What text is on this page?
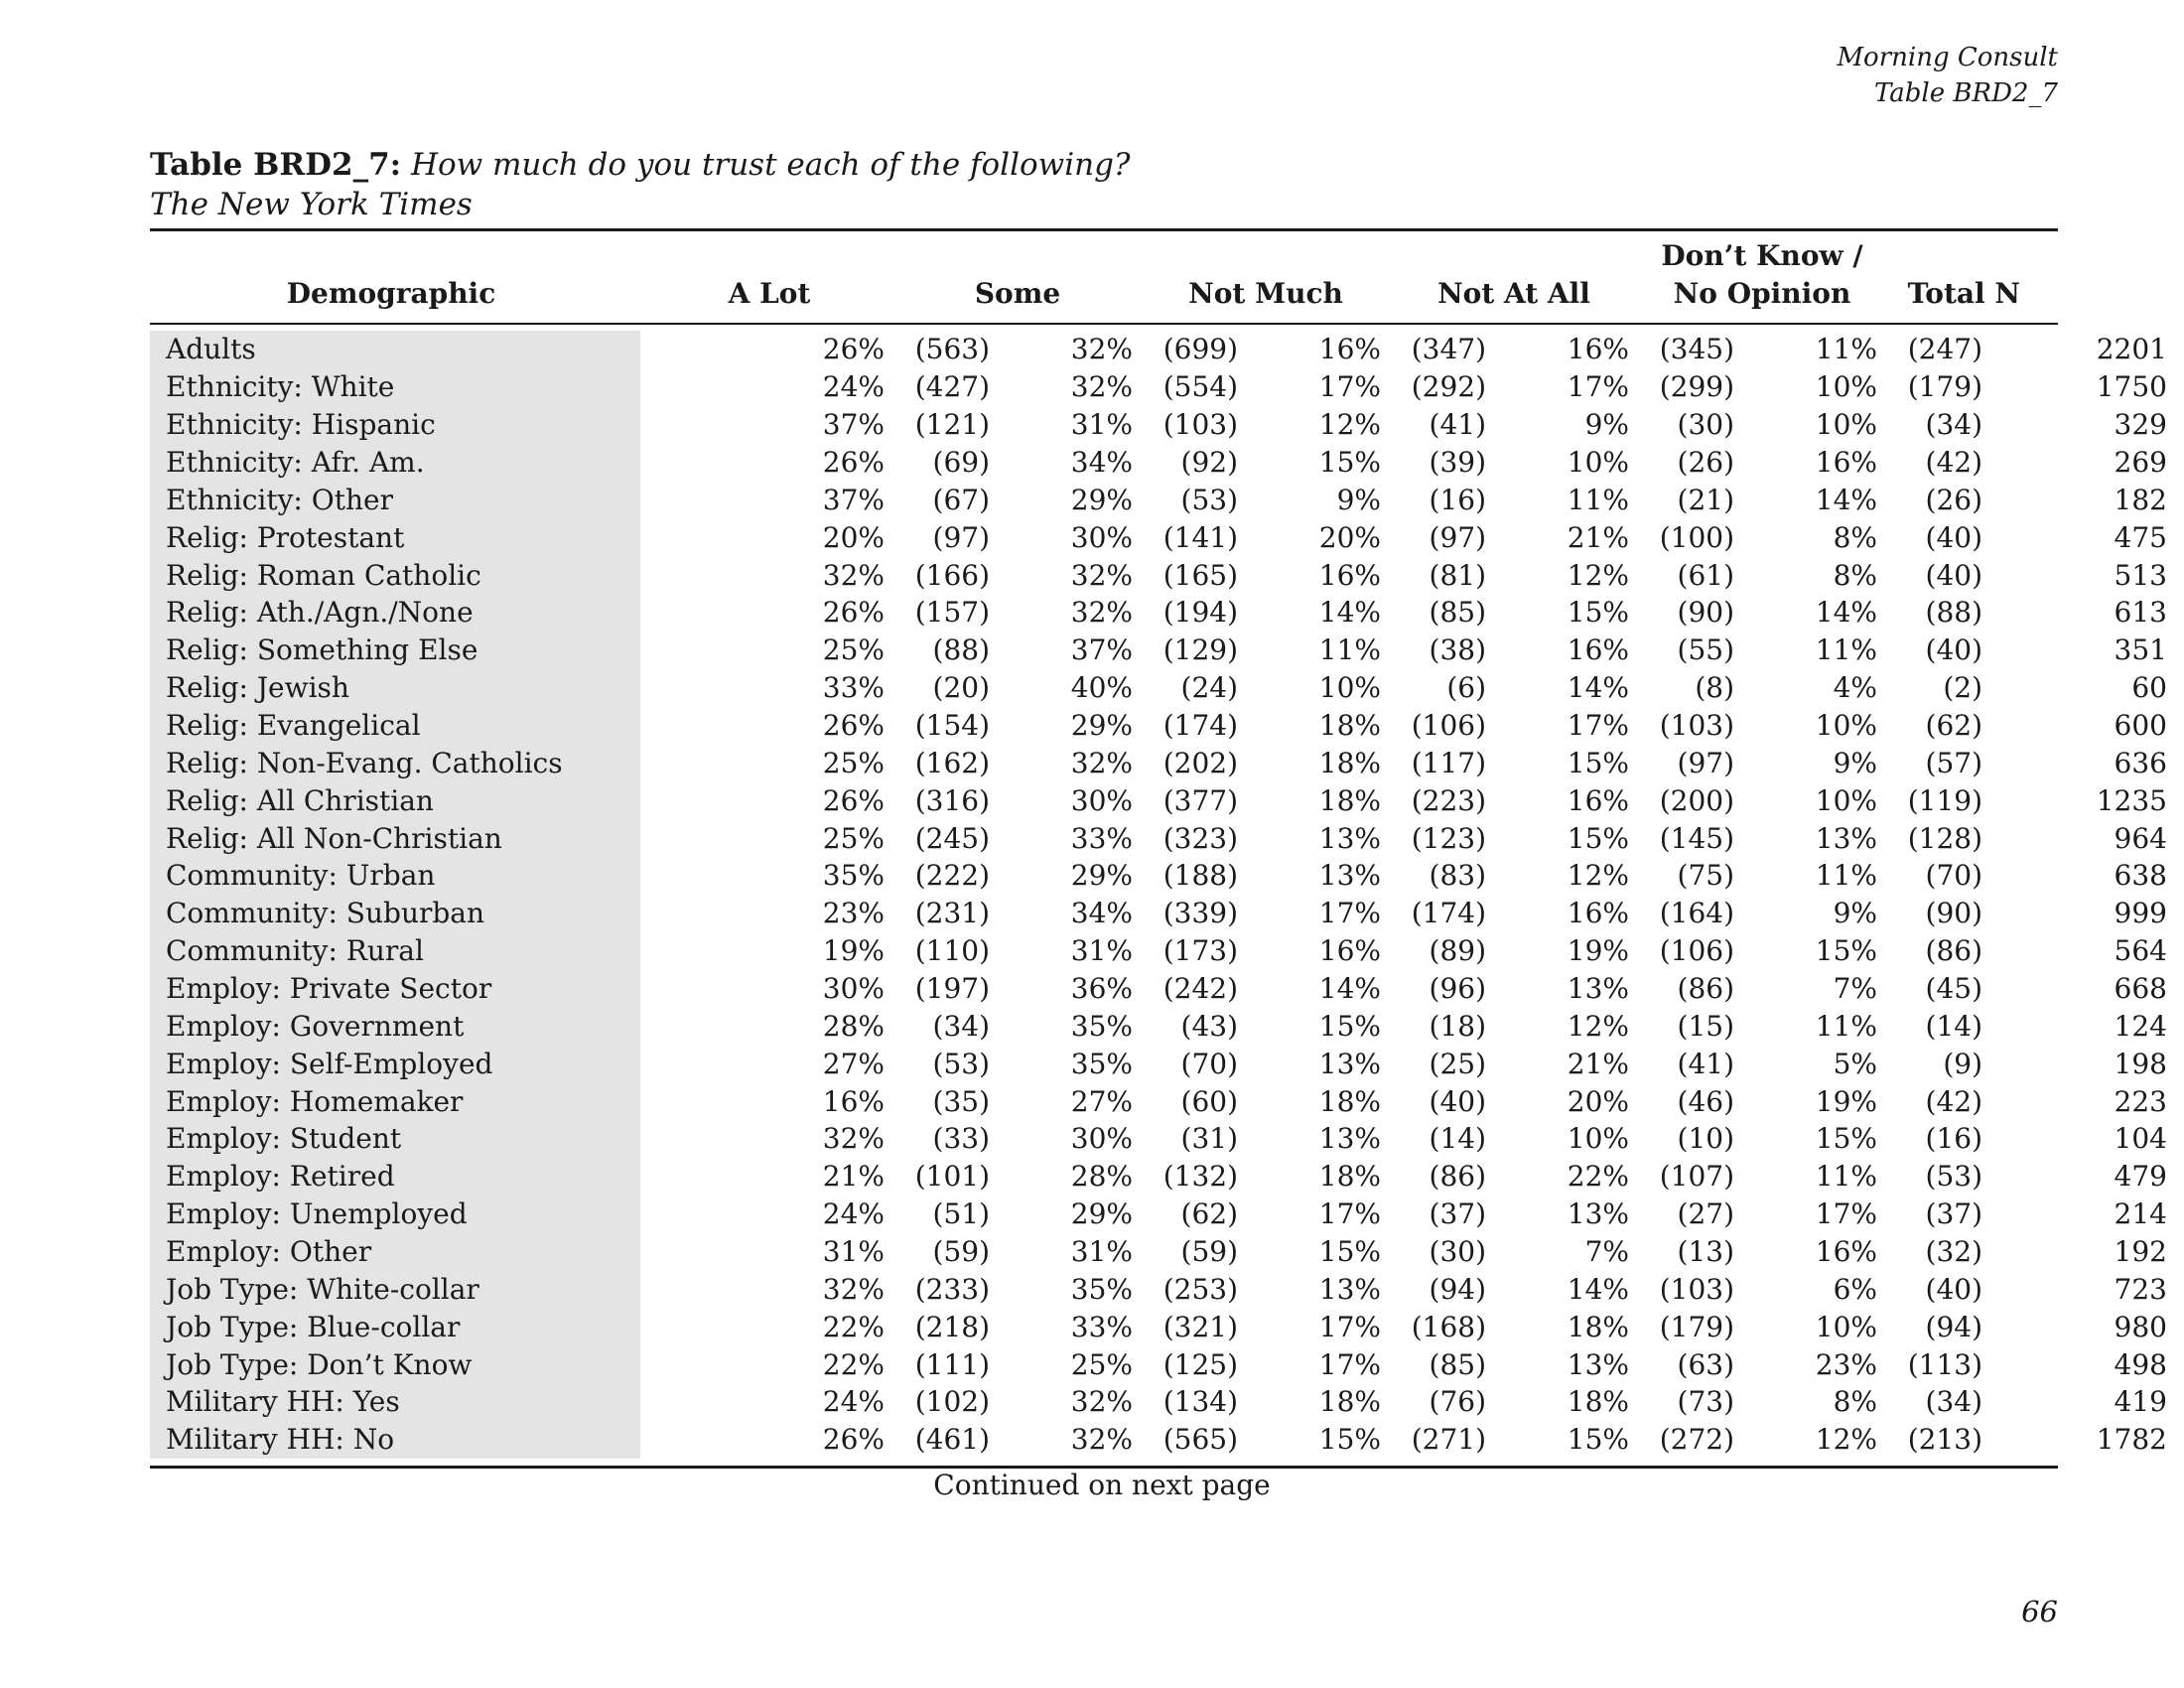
Morning Consult
Table BRD2_7
Table BRD2_7: How much do you trust each of the following?
The New York Times
Demographic	A Lot	Some	Not Much	Not At All
Don’t Know /
No Opinion	Total N
Adults	26%	(563)	32%	(699)	16%	(347)	16%	(345)	11%	(247)	2201	
Ethnicity: White	24%	(427)	32%	(554)	17%	(292)	17%	(299)	10%	(179)	1750	
Ethnicity: Hispanic	37%	(121)	31%	(103)	12%	(41)	9%	(30)	10%	(34)	329	
Ethnicity: Afr. Am.	26%	(69)	34%	(92)	15%	(39)	10%	(26)	16%	(42)	269	
Ethnicity: Other	37%	(67)	29%	(53)	9%	(16)	11%	(21)	14%	(26)	182	
Relig: Protestant	20%	(97)	30%	(141)	20%	(97)	21%	(100)	8%	(40)	475	
Relig: Roman Catholic	32%	(166)	32%	(165)	16%	(81)	12%	(61)	8%	(40)	513	
Relig: Ath./Agn./None	26%	(157)	32%	(194)	14%	(85)	15%	(90)	14%	(88)	613	
Relig: Something Else	25%	(88)	37%	(129)	11%	(38)	16%	(55)	11%	(40)	351	
Relig: Jewish	33%	(20)	40%	(24)	10%	(6)	14%	(8)	4%	(2)	60	
Relig: Evangelical	26%	(154)	29%	(174)	18%	(106)	17%	(103)	10%	(62)	600	
Relig: Non-Evang. Catholics	25%	(162)	32%	(202)	18%	(117)	15%	(97)	9%	(57)	636	
Relig: All Christian	26%	(316)	30%	(377)	18%	(223)	16%	(200)	10%	(119)	1235	
Relig: All Non-Christian	25%	(245)	33%	(323)	13%	(123)	15%	(145)	13%	(128)	964	
Community: Urban	35%	(222)	29%	(188)	13%	(83)	12%	(75)	11%	(70)	638	
Community: Suburban	23%	(231)	34%	(339)	17%	(174)	16%	(164)	9%	(90)	999	
Community: Rural	19%	(110)	31%	(173)	16%	(89)	19%	(106)	15%	(86)	564	
Employ: Private Sector	30%	(197)	36%	(242)	14%	(96)	13%	(86)	7%	(45)	668	
Employ: Government	28%	(34)	35%	(43)	15%	(18)	12%	(15)	11%	(14)	124	
Employ: Self-Employed	27%	(53)	35%	(70)	13%	(25)	21%	(41)	5%	(9)	198	
Employ: Homemaker	16%	(35)	27%	(60)	18%	(40)	20%	(46)	19%	(42)	223	
Employ: Student	32%	(33)	30%	(31)	13%	(14)	10%	(10)	15%	(16)	104	
Employ: Retired	21%	(101)	28%	(132)	18%	(86)	22%	(107)	11%	(53)	479	
Employ: Unemployed	24%	(51)	29%	(62)	17%	(37)	13%	(27)	17%	(37)	214	
Employ: Other	31%	(59)	31%	(59)	15%	(30)	7%	(13)	16%	(32)	192	
Job Type: White-collar	32%	(233)	35%	(253)	13%	(94)	14%	(103)	6%	(40)	723	
Job Type: Blue-collar	22%	(218)	33%	(321)	17%	(168)	18%	(179)	10%	(94)	980	
Job Type: Don’t Know	22%	(111)	25%	(125)	17%	(85)	13%	(63)	23%	(113)	498	
Military HH: Yes	24%	(102)	32%	(134)	18%	(76)	18%	(73)	8%	(34)	419	
Military HH: No	26%	(461)	32%	(565)	15%	(271)	15%	(272)	12%	(213)	1782	
Continued on next page
66
